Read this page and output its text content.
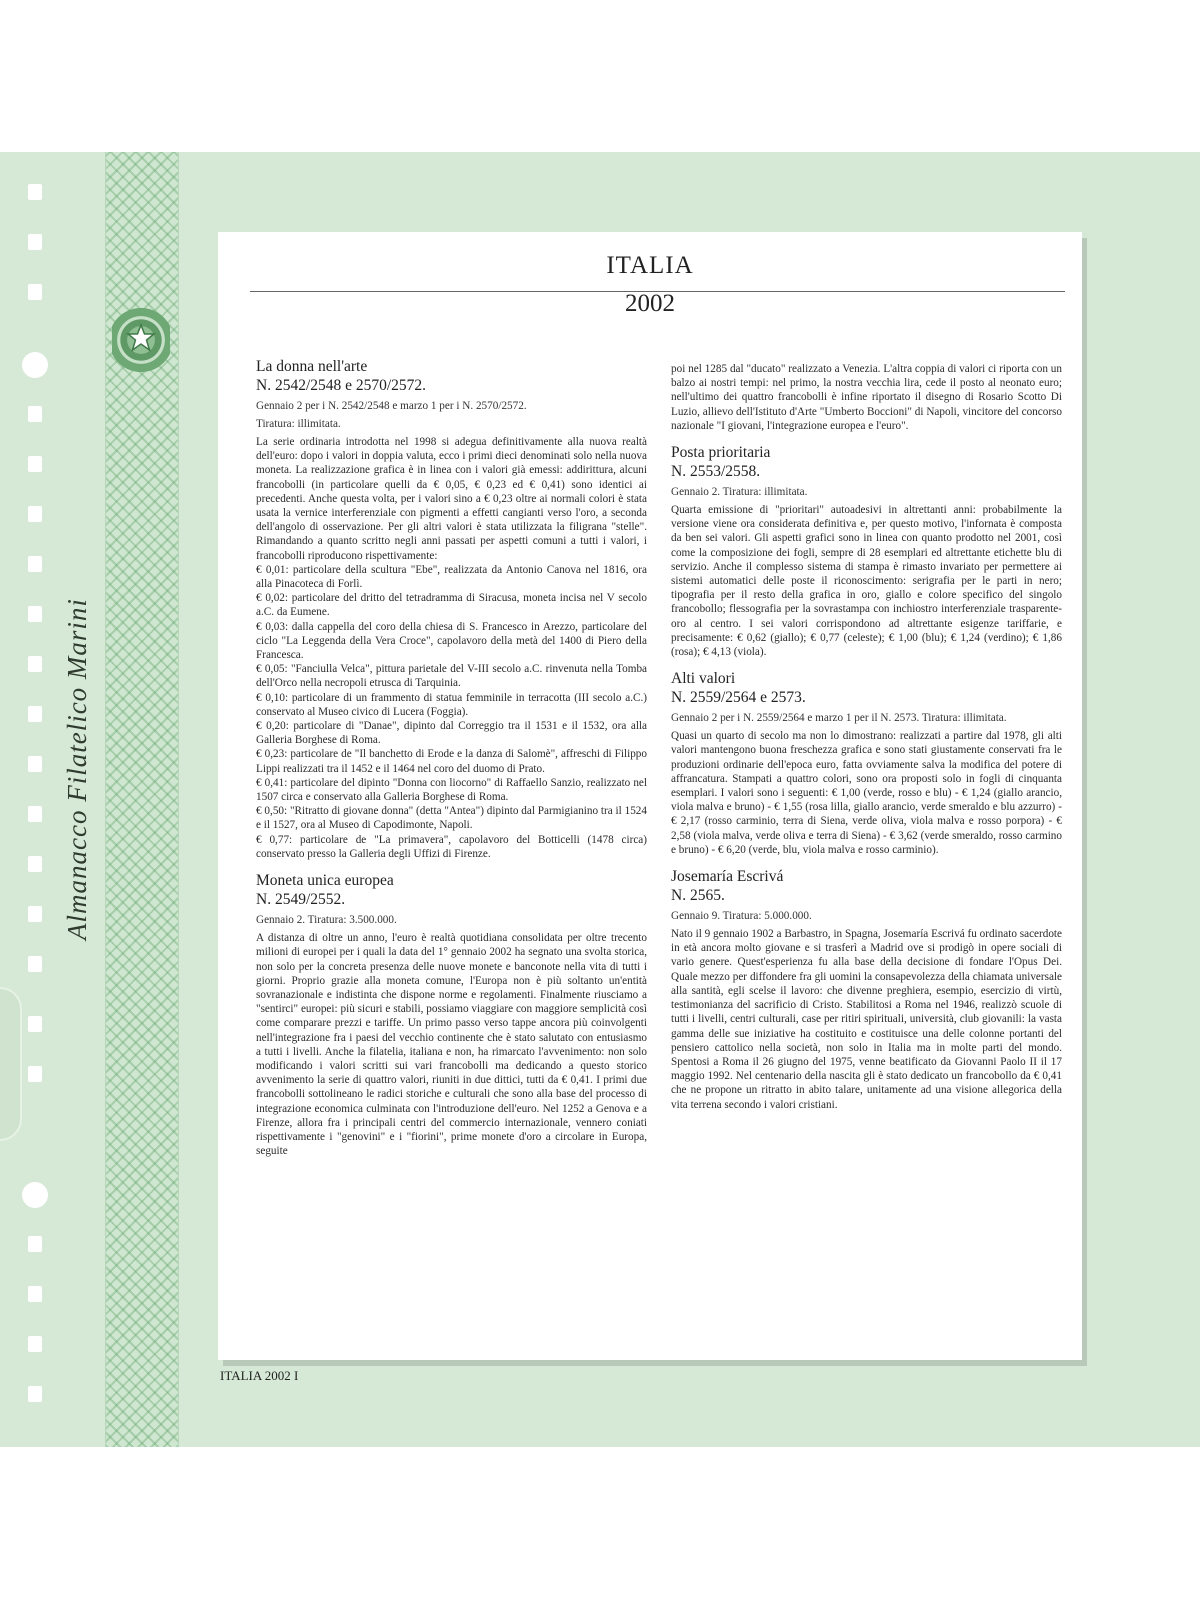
Almanacco Filatelico Marini
ITALIA
2002

La donna nell'arte

N. 2542/2548 e 2570/2572.

Gennaio 2 per i N. 2542/2548 e marzo 1 per i N. 2570/2572.

Tiratura: illimitata.

La serie ordinaria introdotta nel 1998 si adegua definitivamente alla nuova realtà dell'euro: dopo i valori in doppia valuta, ecco i primi dieci denominati solo nella nuova moneta. La realizzazione grafica è in linea con i valori già emessi: addirittura, alcuni francobolli (in particolare quelli da € 0,05, € 0,23 ed € 0,41) sono identici ai precedenti. Anche questa volta, per i valori sino a € 0,23 oltre ai normali colori è stata usata la vernice interferenziale con pigmenti a effetti cangianti verso l'oro, a seconda dell'angolo di osservazione. Per gli altri valori è stata utilizzata la filigrana "stelle". Rimandando a quanto scritto negli anni passati per aspetti comuni a tutti i valori, i francobolli riproducono rispettivamente:

€ 0,01: particolare della scultura "Ebe", realizzata da Antonio Canova nel 1816, ora alla Pinacoteca di Forlì.

€ 0,02: particolare del dritto del tetradramma di Siracusa, moneta incisa nel V secolo a.C. da Eumene.

€ 0,03: dalla cappella del coro della chiesa di S. Francesco in Arezzo, particolare del ciclo "La Leggenda della Vera Croce", capolavoro della metà del 1400 di Piero della Francesca.

€ 0,05: "Fanciulla Velca", pittura parietale del V-III secolo a.C. rinvenuta nella Tomba dell'Orco nella necropoli etrusca di Tarquinia.

€ 0,10: particolare di un frammento di statua femminile in terracotta (III secolo a.C.) conservato al Museo civico di Lucera (Foggia).

€ 0,20: particolare di "Danae", dipinto dal Correggio tra il 1531 e il 1532, ora alla Galleria Borghese di Roma.

€ 0,23: particolare de "Il banchetto di Erode e la danza di Salomè", affreschi di Filippo Lippi realizzati tra il 1452 e il 1464 nel coro del duomo di Prato.

€ 0,41: particolare del dipinto "Donna con liocorno" di Raffaello Sanzio, realizzato nel 1507 circa e conservato alla Galleria Borghese di Roma.

€ 0,50: "Ritratto di giovane donna" (detta "Antea") dipinto dal Parmigianino tra il 1524 e il 1527, ora al Museo di Capodimonte, Napoli.

€ 0,77: particolare de "La primavera", capolavoro del Botticelli (1478 circa) conservato presso la Galleria degli Uffizi di Firenze.

Moneta unica europea

N. 2549/2552.

Gennaio 2. Tiratura: 3.500.000.

A distanza di oltre un anno, l'euro è realtà quotidiana consolidata per oltre trecento milioni di europei per i quali la data del 1° gennaio 2002 ha segnato una svolta storica, non solo per la concreta presenza delle nuove monete e banconote nella vita di tutti i giorni. Proprio grazie alla moneta comune, l'Europa non è più soltanto un'entità sovranazionale e indistinta che dispone norme e regolamenti. Finalmente riusciamo a "sentirci" europei: più sicuri e stabili, possiamo viaggiare con maggiore semplicità così come comparare prezzi e tariffe. Un primo passo verso tappe ancora più coinvolgenti nell'integrazione fra i paesi del vecchio continente che è stato salutato con entusiasmo a tutti i livelli. Anche la filatelia, italiana e non, ha rimarcato l'avvenimento: non solo modificando i valori scritti sui vari francobolli ma dedicando a questo storico avvenimento la serie di quattro valori, riuniti in due dittici, tutti da € 0,41. I primi due francobolli sottolineano le radici storiche e culturali che sono alla base del processo di integrazione economica culminata con l'introduzione dell'euro. Nel 1252 a Genova e a Firenze, allora fra i principali centri del commercio internazionale, vennero coniati rispettivamente i "genovini" e i "fiorini", prime monete d'oro a circolare in Europa, seguite

poi nel 1285 dal "ducato" realizzato a Venezia. L'altra coppia di valori ci riporta con un balzo ai nostri tempi: nel primo, la nostra vecchia lira, cede il posto al neonato euro; nell'ultimo dei quattro francobolli è infine riportato il disegno di Rosario Scotto Di Luzio, allievo dell'Istituto d'Arte "Umberto Boccioni" di Napoli, vincitore del concorso nazionale "I giovani, l'integrazione europea e l'euro".

Posta prioritaria

N. 2553/2558.

Gennaio 2. Tiratura: illimitata.

Quarta emissione di "prioritari" autoadesivi in altrettanti anni: probabilmente la versione viene ora considerata definitiva e, per questo motivo, l'infornata è composta da ben sei valori. Gli aspetti grafici sono in linea con quanto prodotto nel 2001, così come la composizione dei fogli, sempre di 28 esemplari ed altrettante etichette blu di servizio. Anche il complesso sistema di stampa è rimasto invariato per permettere ai sistemi automatici delle poste il riconoscimento: serigrafia per le parti in nero; tipografia per il resto della grafica in oro, giallo e colore specifico del singolo francobollo; flessografia per la sovrastampa con inchiostro interferenziale trasparente-oro al centro. I sei valori corrispondono ad altrettante esigenze tariffarie, e precisamente: € 0,62 (giallo); € 0,77 (celeste); € 1,00 (blu); € 1,24 (verdino); € 1,86 (rosa); € 4,13 (viola).

Alti valori

N. 2559/2564 e 2573.

Gennaio 2 per i N. 2559/2564 e marzo 1 per il N. 2573. Tiratura: illimitata.

Quasi un quarto di secolo ma non lo dimostrano: realizzati a partire dal 1978, gli alti valori mantengono buona freschezza grafica e sono stati giustamente conservati fra le produzioni ordinarie dell'epoca euro, fatta ovviamente salva la modifica del potere di affrancatura. Stampati a quattro colori, sono ora proposti solo in fogli di cinquanta esemplari. I valori sono i seguenti: € 1,00 (verde, rosso e blu) - € 1,24 (giallo arancio, viola malva e bruno) - € 1,55 (rosa lilla, giallo arancio, verde smeraldo e blu azzurro) - € 2,17 (rosso carminio, terra di Siena, verde oliva, viola malva e rosso porpora) - € 2,58 (viola malva, verde oliva e terra di Siena) - € 3,62 (verde smeraldo, rosso carmino e bruno) - € 6,20 (verde, blu, viola malva e rosso carminio).

Josemaría Escrivá

N. 2565.

Gennaio 9. Tiratura: 5.000.000.

Nato il 9 gennaio 1902 a Barbastro, in Spagna, Josemaría Escrivá fu ordinato sacerdote in età ancora molto giovane e si trasferì a Madrid ove si prodigò in opere sociali di vario genere. Quest'esperienza fu alla base della decisione di fondare l'Opus Dei. Quale mezzo per diffondere fra gli uomini la consapevolezza della chiamata universale alla santità, egli scelse il lavoro: che divenne preghiera, esempio, esercizio di virtù, testimonianza del sacrificio di Cristo. Stabilitosi a Roma nel 1946, realizzò scuole di tutti i livelli, centri culturali, case per ritiri spirituali, università, club giovanili: la vasta gamma delle sue iniziative ha costituito e costituisce una delle colonne portanti del pensiero cattolico nella società, non solo in Italia ma in molte parti del mondo. Spentosi a Roma il 26 giugno del 1975, venne beatificato da Giovanni Paolo II il 17 maggio 1992. Nel centenario della nascita gli è stato dedicato un francobollo da € 0,41 che ne propone un ritratto in abito talare, unitamente ad una visione allegorica della vita terrena secondo i valori cristiani.

ITALIA 2002 I
